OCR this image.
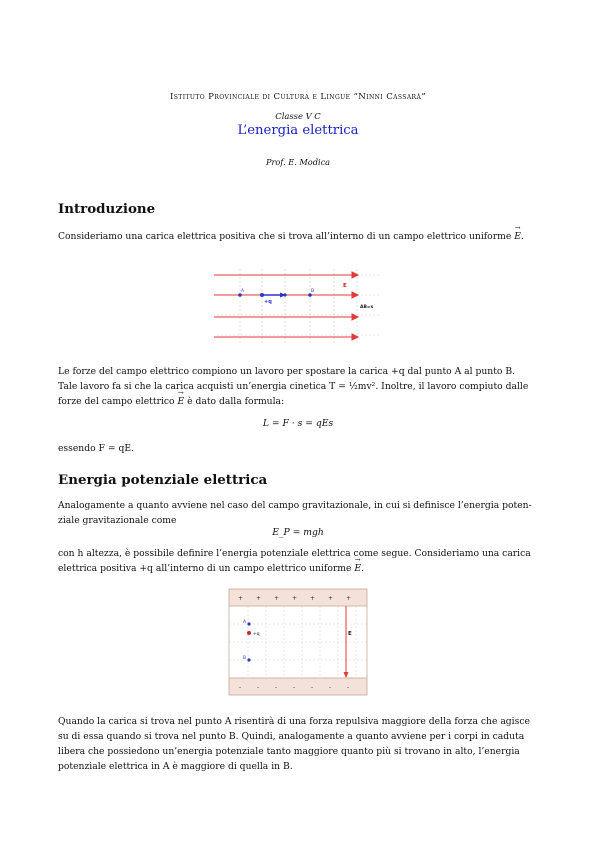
Istituto Provinciale di Cultura e Lingue “Ninni Cassarà”
Classe V C
L’energia elettrica
Prof. E. Modica
Introduzione
Consideriamo una carica elettrica positiva che si trova all’interno di un campo elettrico uniforme → E.
A	B
+q
E
AB=s
Le forze del campo elettrico compiono un lavoro per spostare la carica +q dal punto A al punto B.
Tale lavoro fa si che la carica acquisti un’energia cinetica T = ½mv². Inoltre, il lavoro compiuto dalle
forze del campo elettrico → E è dato dalla formula:
L = F · s = qEs
essendo F = qE.
Energia potenziale elettrica
Analogamente a quanto avviene nel caso del campo gravitazionale, in cui si definisce l’energia poten-
ziale gravitazionale come
E_P = mgh
con h altezza, è possibile definire l’energia potenziale elettrica come segue. Consideriamo una carica
elettrica positiva +q all’interno di un campo elettrico uniforme → E.
+ + + + + + +
-	-	-	-	-	-	-
A
B
+q	E
Quando la carica si trova nel punto A risentirà di una forza repulsiva maggiore della forza che agisce
su di essa quando si trova nel punto B. Quindi, analogamente a quanto avviene per i corpi in caduta
libera che possiedono un’energia potenziale tanto maggiore quanto più si trovano in alto, l’energia
potenziale elettrica in A è maggiore di quella in B.
